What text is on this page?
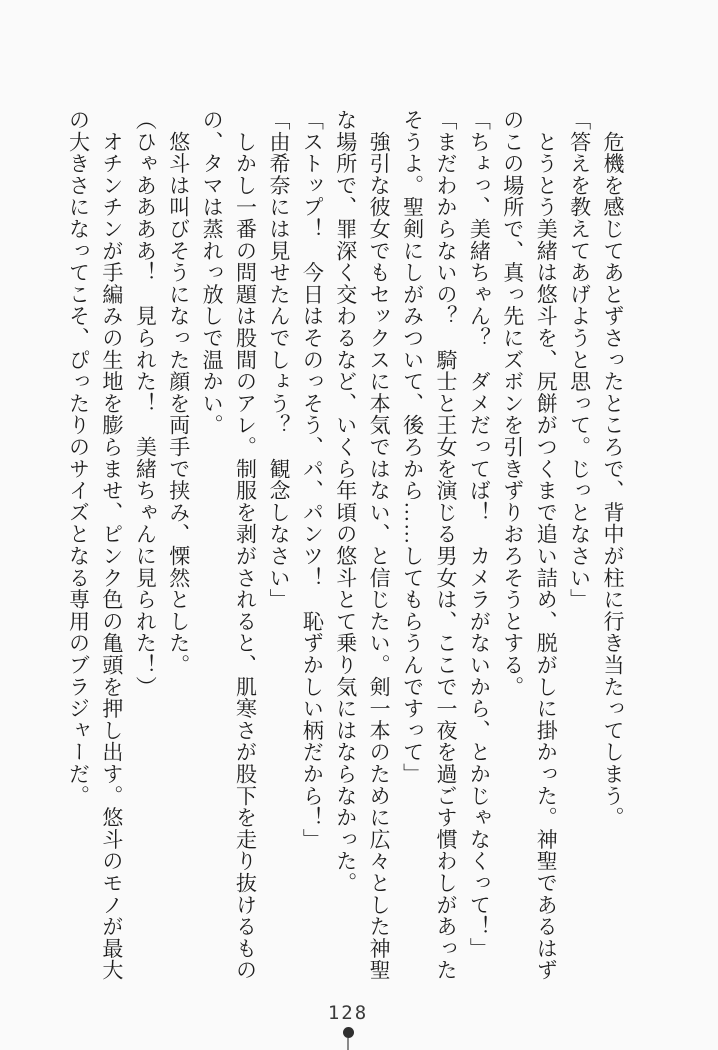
　危機を感じてあとずさったところで、背中が柱に行き当たってしまう。
「答えを教えてあげようと思って。じっとなさい」
　とうとう美緒は悠斗を、尻餅がつくまで追い詰め、脱がしに掛かった。神聖であるはず
のこの場所で、真っ先にズボンを引きずりおろそうとする。
「ちょっ、美緒ちゃん？　ダメだってば！　カメラがないから、とかじゃなくって！」
「まだわからないの？　騎士と王女を演じる男女は、ここで一夜を過ごす慣わしがあった
そうよ。聖剣にしがみついて、後ろから……してもらうんですって」
　強引な彼女でもセックスに本気ではない、と信じたい。剣一本のために広々とした神聖
な場所で、罪深く交わるなど、いくら年頃の悠斗とて乗り気にはならなかった。
「ストップ！　今日はそのっそう、パ、パンツ！　恥ずかしい柄だから！」
「由希奈には見せたんでしょう？　観念しなさい」
　しかし一番の問題は股間のアレ。制服を剥がされると、肌寒さが股下を走り抜けるもの
の、タマは蒸れっ放しで温かい。
　悠斗は叫びそうになった顔を両手で挟み、慄然とした。
（ひゃああああ！　見られた！　美緒ちゃんに見られた！）
　オチンチンが手編みの生地を膨らませ、ピンク色の亀頭を押し出す。悠斗のモノが最大
の大きさになってこそ、ぴったりのサイズとなる専用のブラジャーだ。
128
